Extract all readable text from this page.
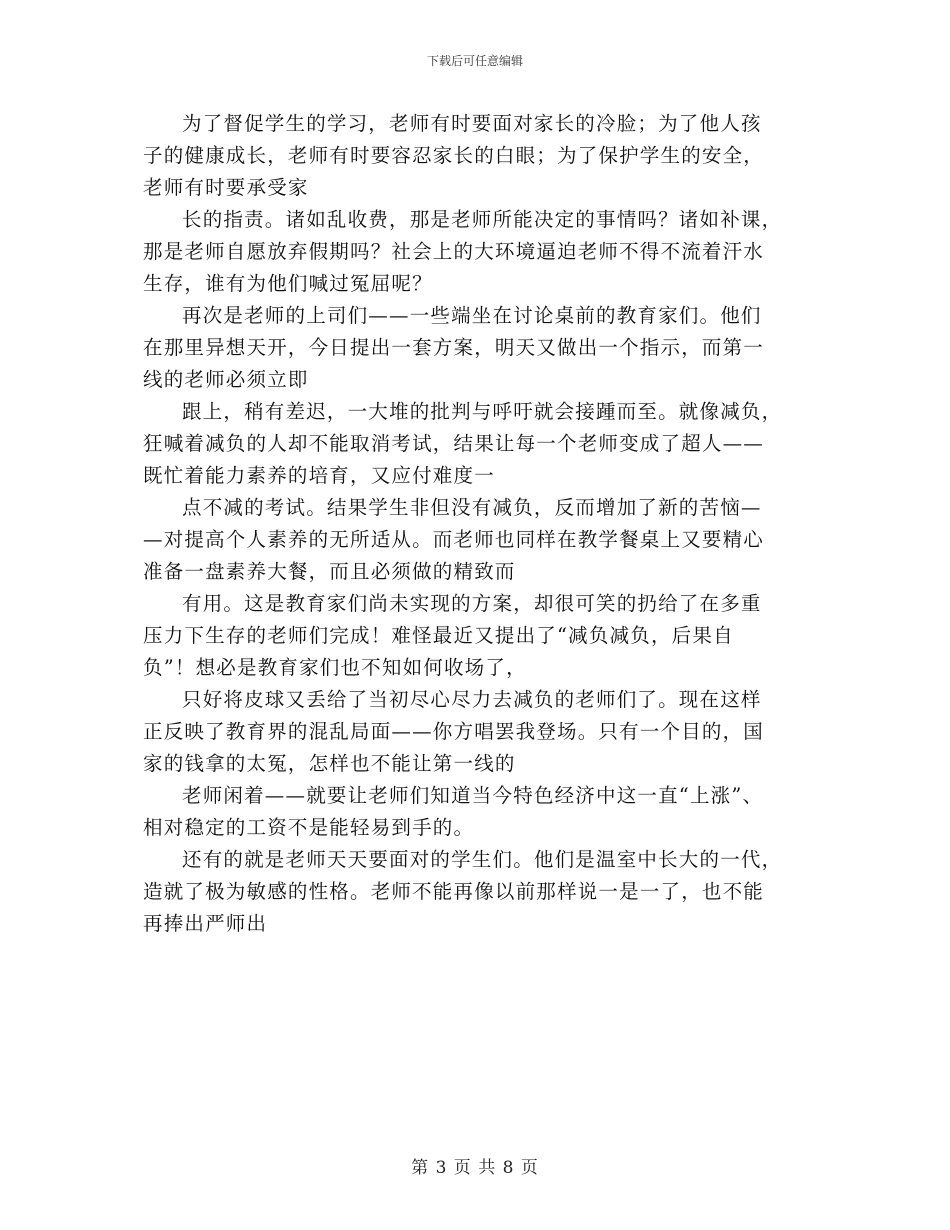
下载后可任意编辑

为了督促学生的学习，老师有时要面对家长的冷脸；为了他人孩
子的健康成长，老师有时要容忍家长的白眼；为了保护学生的安全，
老师有时要承受家

长的指责。诸如乱收费，那是老师所能决定的事情吗？诸如补课，
那是老师自愿放弃假期吗？社会上的大环境逼迫老师不得不流着汗水
生存，谁有为他们喊过冤屈呢？

再次是老师的上司们——一些端坐在讨论桌前的教育家们。他们
在那里异想天开，今日提出一套方案，明天又做出一个指示，而第一
线的老师必须立即

跟上，稍有差迟，一大堆的批判与呼吁就会接踵而至。就像减负，
狂喊着减负的人却不能取消考试，结果让每一个老师变成了超人——
既忙着能力素养的培育，又应付难度一

点不减的考试。结果学生非但没有减负，反而增加了新的苦恼—
—对提高个人素养的无所适从。而老师也同样在教学餐桌上又要精心
准备一盘素养大餐，而且必须做的精致而

有用。这是教育家们尚未实现的方案，却很可笑的扔给了在多重
压力下生存的老师们完成！难怪最近又提出了“减负减负，后果自
负”！想必是教育家们也不知如何收场了，

只好将皮球又丢给了当初尽心尽力去减负的老师们了。现在这样
正反映了教育界的混乱局面——你方唱罢我登场。只有一个目的，国
家的钱拿的太冤，怎样也不能让第一线的

老师闲着——就要让老师们知道当今特色经济中这一直“上涨”、
相对稳定的工资不是能轻易到手的。

还有的就是老师天天要面对的学生们。他们是温室中长大的一代，
造就了极为敏感的性格。老师不能再像以前那样说一是一了，也不能
再捧出严师出

第 3 页 共 8 页
